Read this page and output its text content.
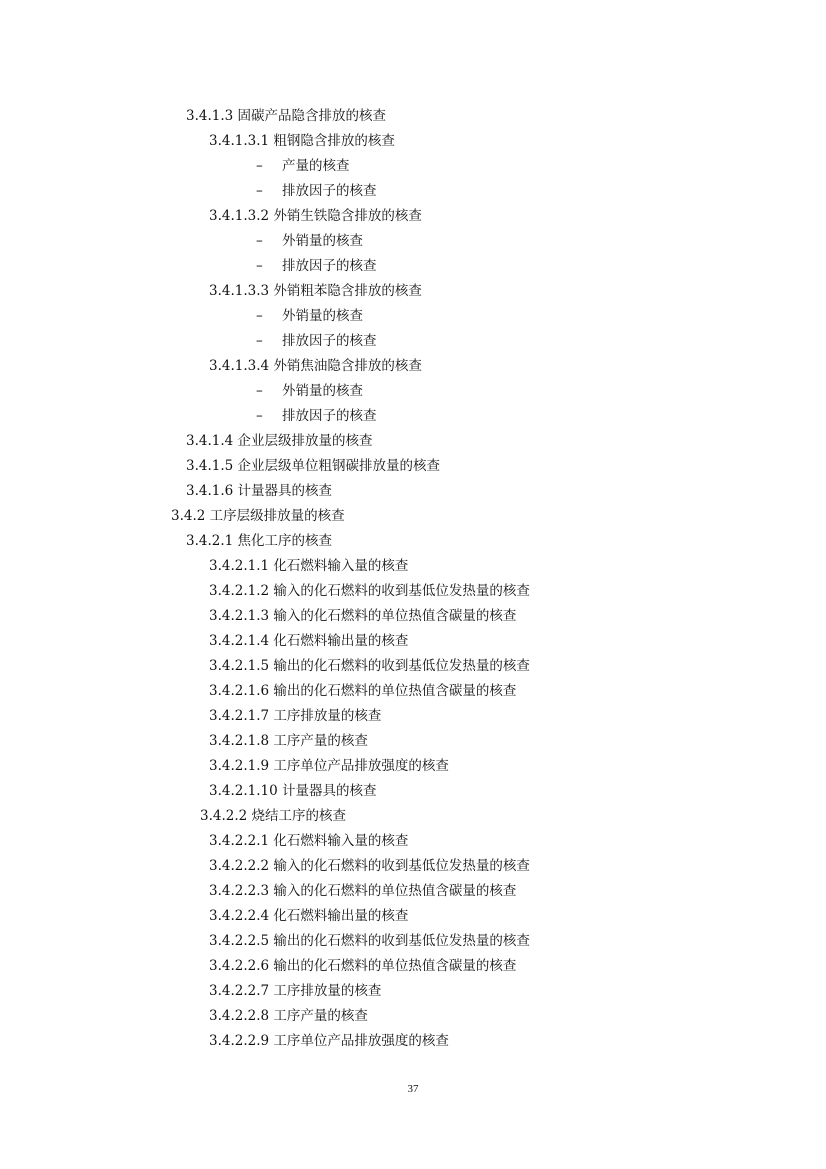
3.4.1.3 固碳产品隐含排放的核查
3.4.1.3.1 粗钢隐含排放的核查
– 产量的核查
– 排放因子的核查
3.4.1.3.2 外销生铁隐含排放的核查
– 外销量的核查
– 排放因子的核查
3.4.1.3.3 外销粗苯隐含排放的核查
– 外销量的核查
– 排放因子的核查
3.4.1.3.4 外销焦油隐含排放的核查
– 外销量的核查
– 排放因子的核查
3.4.1.4 企业层级排放量的核查
3.4.1.5 企业层级单位粗钢碳排放量的核查
3.4.1.6 计量器具的核查
3.4.2 工序层级排放量的核查
3.4.2.1 焦化工序的核查
3.4.2.1.1 化石燃料输入量的核查
3.4.2.1.2 输入的化石燃料的收到基低位发热量的核查
3.4.2.1.3 输入的化石燃料的单位热值含碳量的核查
3.4.2.1.4 化石燃料输出量的核查
3.4.2.1.5 输出的化石燃料的收到基低位发热量的核查
3.4.2.1.6 输出的化石燃料的单位热值含碳量的核查
3.4.2.1.7 工序排放量的核查
3.4.2.1.8 工序产量的核查
3.4.2.1.9 工序单位产品排放强度的核查
3.4.2.1.10 计量器具的核查
3.4.2.2 烧结工序的核查
3.4.2.2.1 化石燃料输入量的核查
3.4.2.2.2 输入的化石燃料的收到基低位发热量的核查
3.4.2.2.3 输入的化石燃料的单位热值含碳量的核查
3.4.2.2.4 化石燃料输出量的核查
3.4.2.2.5 输出的化石燃料的收到基低位发热量的核查
3.4.2.2.6 输出的化石燃料的单位热值含碳量的核查
3.4.2.2.7 工序排放量的核查
3.4.2.2.8 工序产量的核查
3.4.2.2.9 工序单位产品排放强度的核查
37
